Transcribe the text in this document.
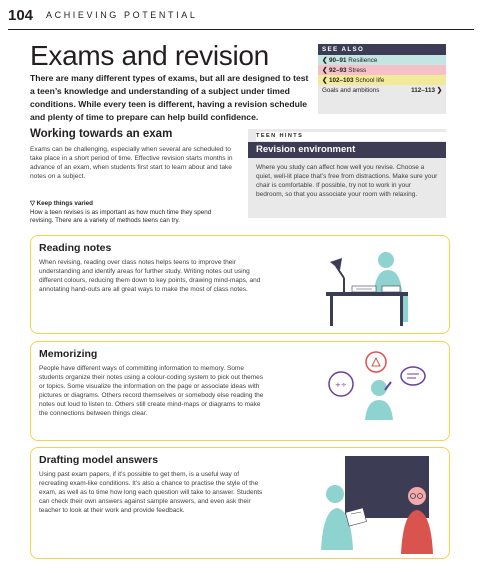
104 ACHIEVING POTENTIAL
Exams and revision

There are many different types of exams, but all are designed to test a teen’s knowledge and understanding of a subject under timed conditions. While every teen is different, having a revision schedule and plenty of time to prepare can help build confidence.

SEE ALSO
❮ 90–91 Resilience
❮ 92–93 Stress
❮ 102–103 School life
Goals and ambitions	112–113 ❯
Working towards an exam

Exams can be challenging, especially when several are scheduled to take place in a short period of time. Effective revision starts months in advance of an exam, when students first start to learn about and take notes on a subject.

TEEN HINTS
Revision environment

Where you study can affect how well you revise. Choose a quiet, well-lit place that’s free from distractions. Make sure your chair is comfortable. If possible, try not to work in your bedroom, so that you associate your room with relaxing.

▽ Keep things varied
How a teen revises is as important as how much time they spend revising. There are a variety of methods teens can try.
Reading notes

When revising, reading over class notes helps teens to improve their understanding and identify areas for further study. Writing notes out using different colours, reducing them down to key points, drawing mind-maps, and annotating hand-outs are all great ways to make the most of class notes.

Memorizing

People have different ways of committing information to memory. Some students organize their notes using a colour-coding system to pick out themes or topics. Some visualize the information on the page or associate ideas with pictures or diagrams. Others record themselves or somebody else reading the notes out loud to listen to. Others still create mind-maps or diagrams to make the connections between things clear.

+÷
Drafting model answers

Using past exam papers, if it’s possible to get them, is a useful way of recreating exam-like conditions. It’s also a chance to practise the style of the exam, as well as to time how long each question will take to answer. Students can check their own answers against sample answers, and even ask their teacher to look at their work and provide feedback.
